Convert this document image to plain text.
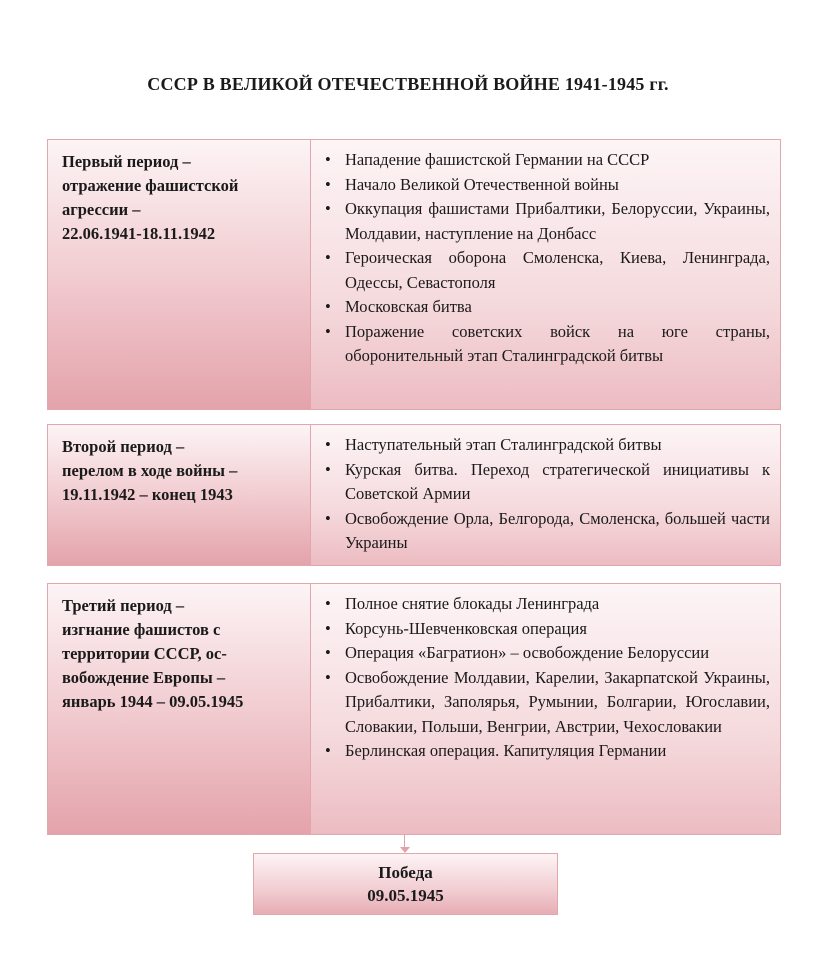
СССР В ВЕЛИКОЙ ОТЕЧЕСТВЕННОЙ ВОЙНЕ 1941-1945 гг.
Первый период –
отражение фашистской
агрессии –
22.06.1941-18.11.1942
• Нападение фашистской Германии на СССР
• Начало Великой Отечественной войны
• Оккупация фашистами Прибалтики, Белоруссии, Украины, Молдавии, наступление на Донбасс
• Героическая оборона Смоленска, Киева, Ленинграда, Одессы, Севастополя
• Московская битва
• Поражение советских войск на юге страны, оборонительный этап Сталинградской битвы
Второй период –
перелом в ходе войны –
19.11.1942 – конец 1943
• Наступательный этап Сталинградской битвы
• Курская битва. Переход стратегической инициативы к Советской Армии
• Освобождение Орла, Белгорода, Смоленска, большей части Украины
Третий период –
изгнание фашистов с
территории СССР, ос-
вобождение Европы –
январь 1944 – 09.05.1945
• Полное снятие блокады Ленинграда
• Корсунь-Шевченковская операция
• Операция «Багратион» – освобождение Белоруссии
• Освобождение Молдавии, Карелии, Закарпатской Украины, Прибалтики, Заполярья, Румынии, Болгарии, Югославии, Словакии, Польши, Венгрии, Австрии, Чехословакии
• Берлинская операция. Капитуляция Германии
Победа
09.05.1945
